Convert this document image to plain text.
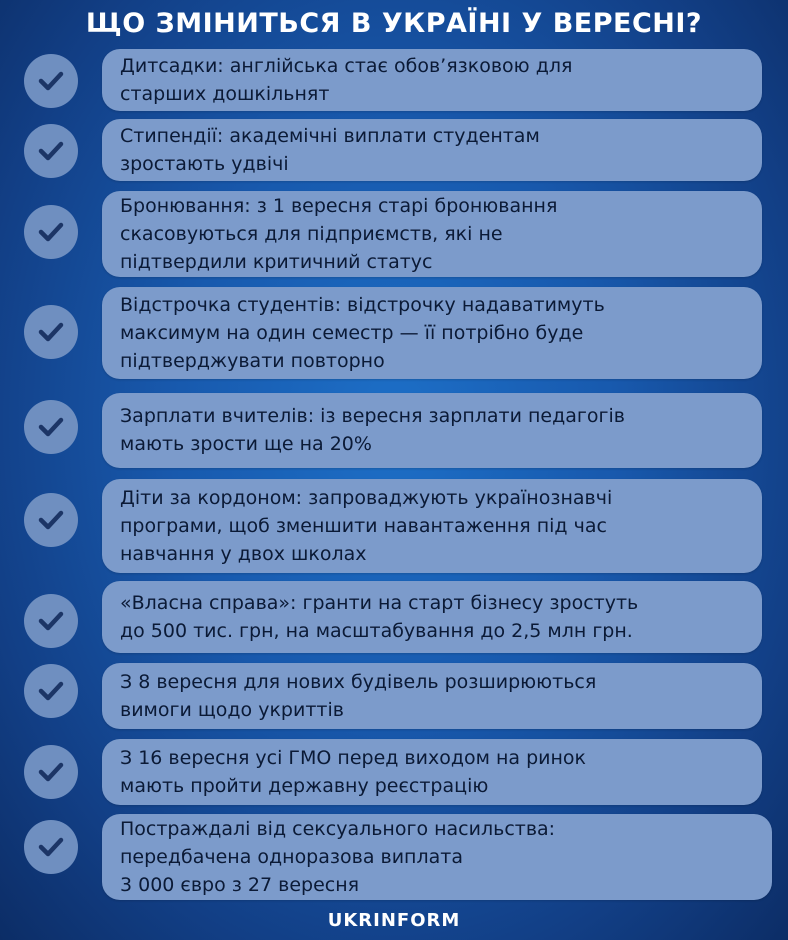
ЩО ЗМІНИТЬСЯ В УКРАЇНІ У ВЕРЕСНІ?
Дитсадки: англійська стає обов’язковою для
старших дошкільнят
Стипендії: академічні виплати студентам
зростають удвічі
Бронювання: з 1 вересня старі бронювання
скасовуються для підприємств, які не
підтвердили критичний статус
Відстрочка студентів: відстрочку надаватимуть
максимум на один семестр — її потрібно буде
підтверджувати повторно
Зарплати вчителів: із вересня зарплати педагогів
мають зрости ще на 20%
Діти за кордоном: запроваджують українознавчі
програми, щоб зменшити навантаження під час
навчання у двох школах
«Власна справа»: гранти на старт бізнесу зростуть
до 500 тис. грн, на масштабування до 2,5 млн грн.
З 8 вересня для нових будівель розширюються
вимоги щодо укриттів
З 16 вересня усі ГМО перед виходом на ринок
мають пройти державну реєстрацію
Постраждалі від сексуального насильства:
передбачена одноразова виплата
3 000 євро з 27 вересня
UKRINFORM
